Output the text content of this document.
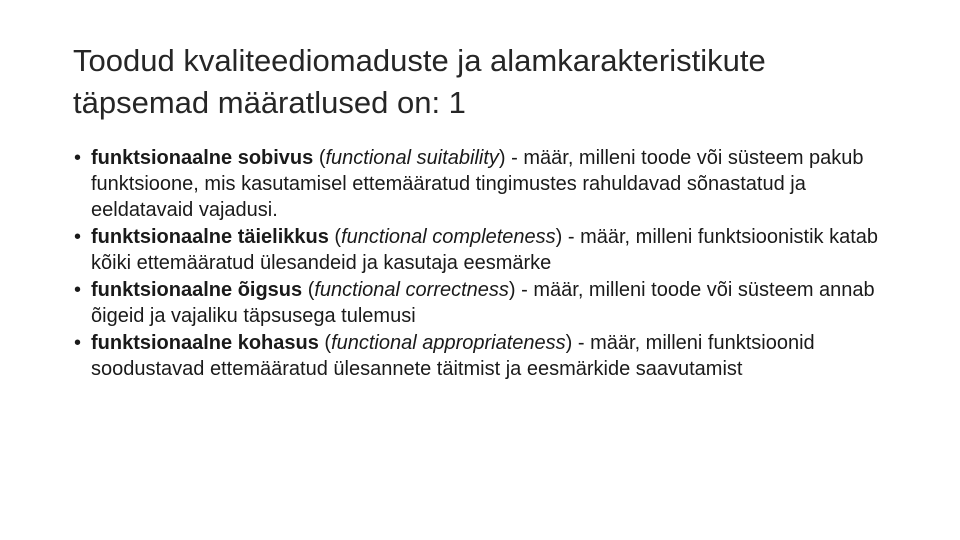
Toodud kvaliteediomaduste ja alamkarakteristikute täpsemad määratlused on: 1
• funktsionaalne sobivus (functional suitability) - määr, milleni toode või süsteem pakub funktsioone, mis kasutamisel ettemääratud tingimustes rahuldavad sõnastatud ja eeldatavaid vajadusi.
• funktsionaalne täielikkus (functional completeness) - määr, milleni funktsioonistik katab kõiki ettemääratud ülesandeid ja kasutaja eesmärke
• funktsionaalne õigsus (functional correctness) - määr, milleni toode või süsteem annab õigeid ja vajaliku täpsusega tulemusi
• funktsionaalne kohasus (functional appropriateness) - määr, milleni funktsioonid soodustavad ettemääratud ülesannete täitmist ja eesmärkide saavutamist
